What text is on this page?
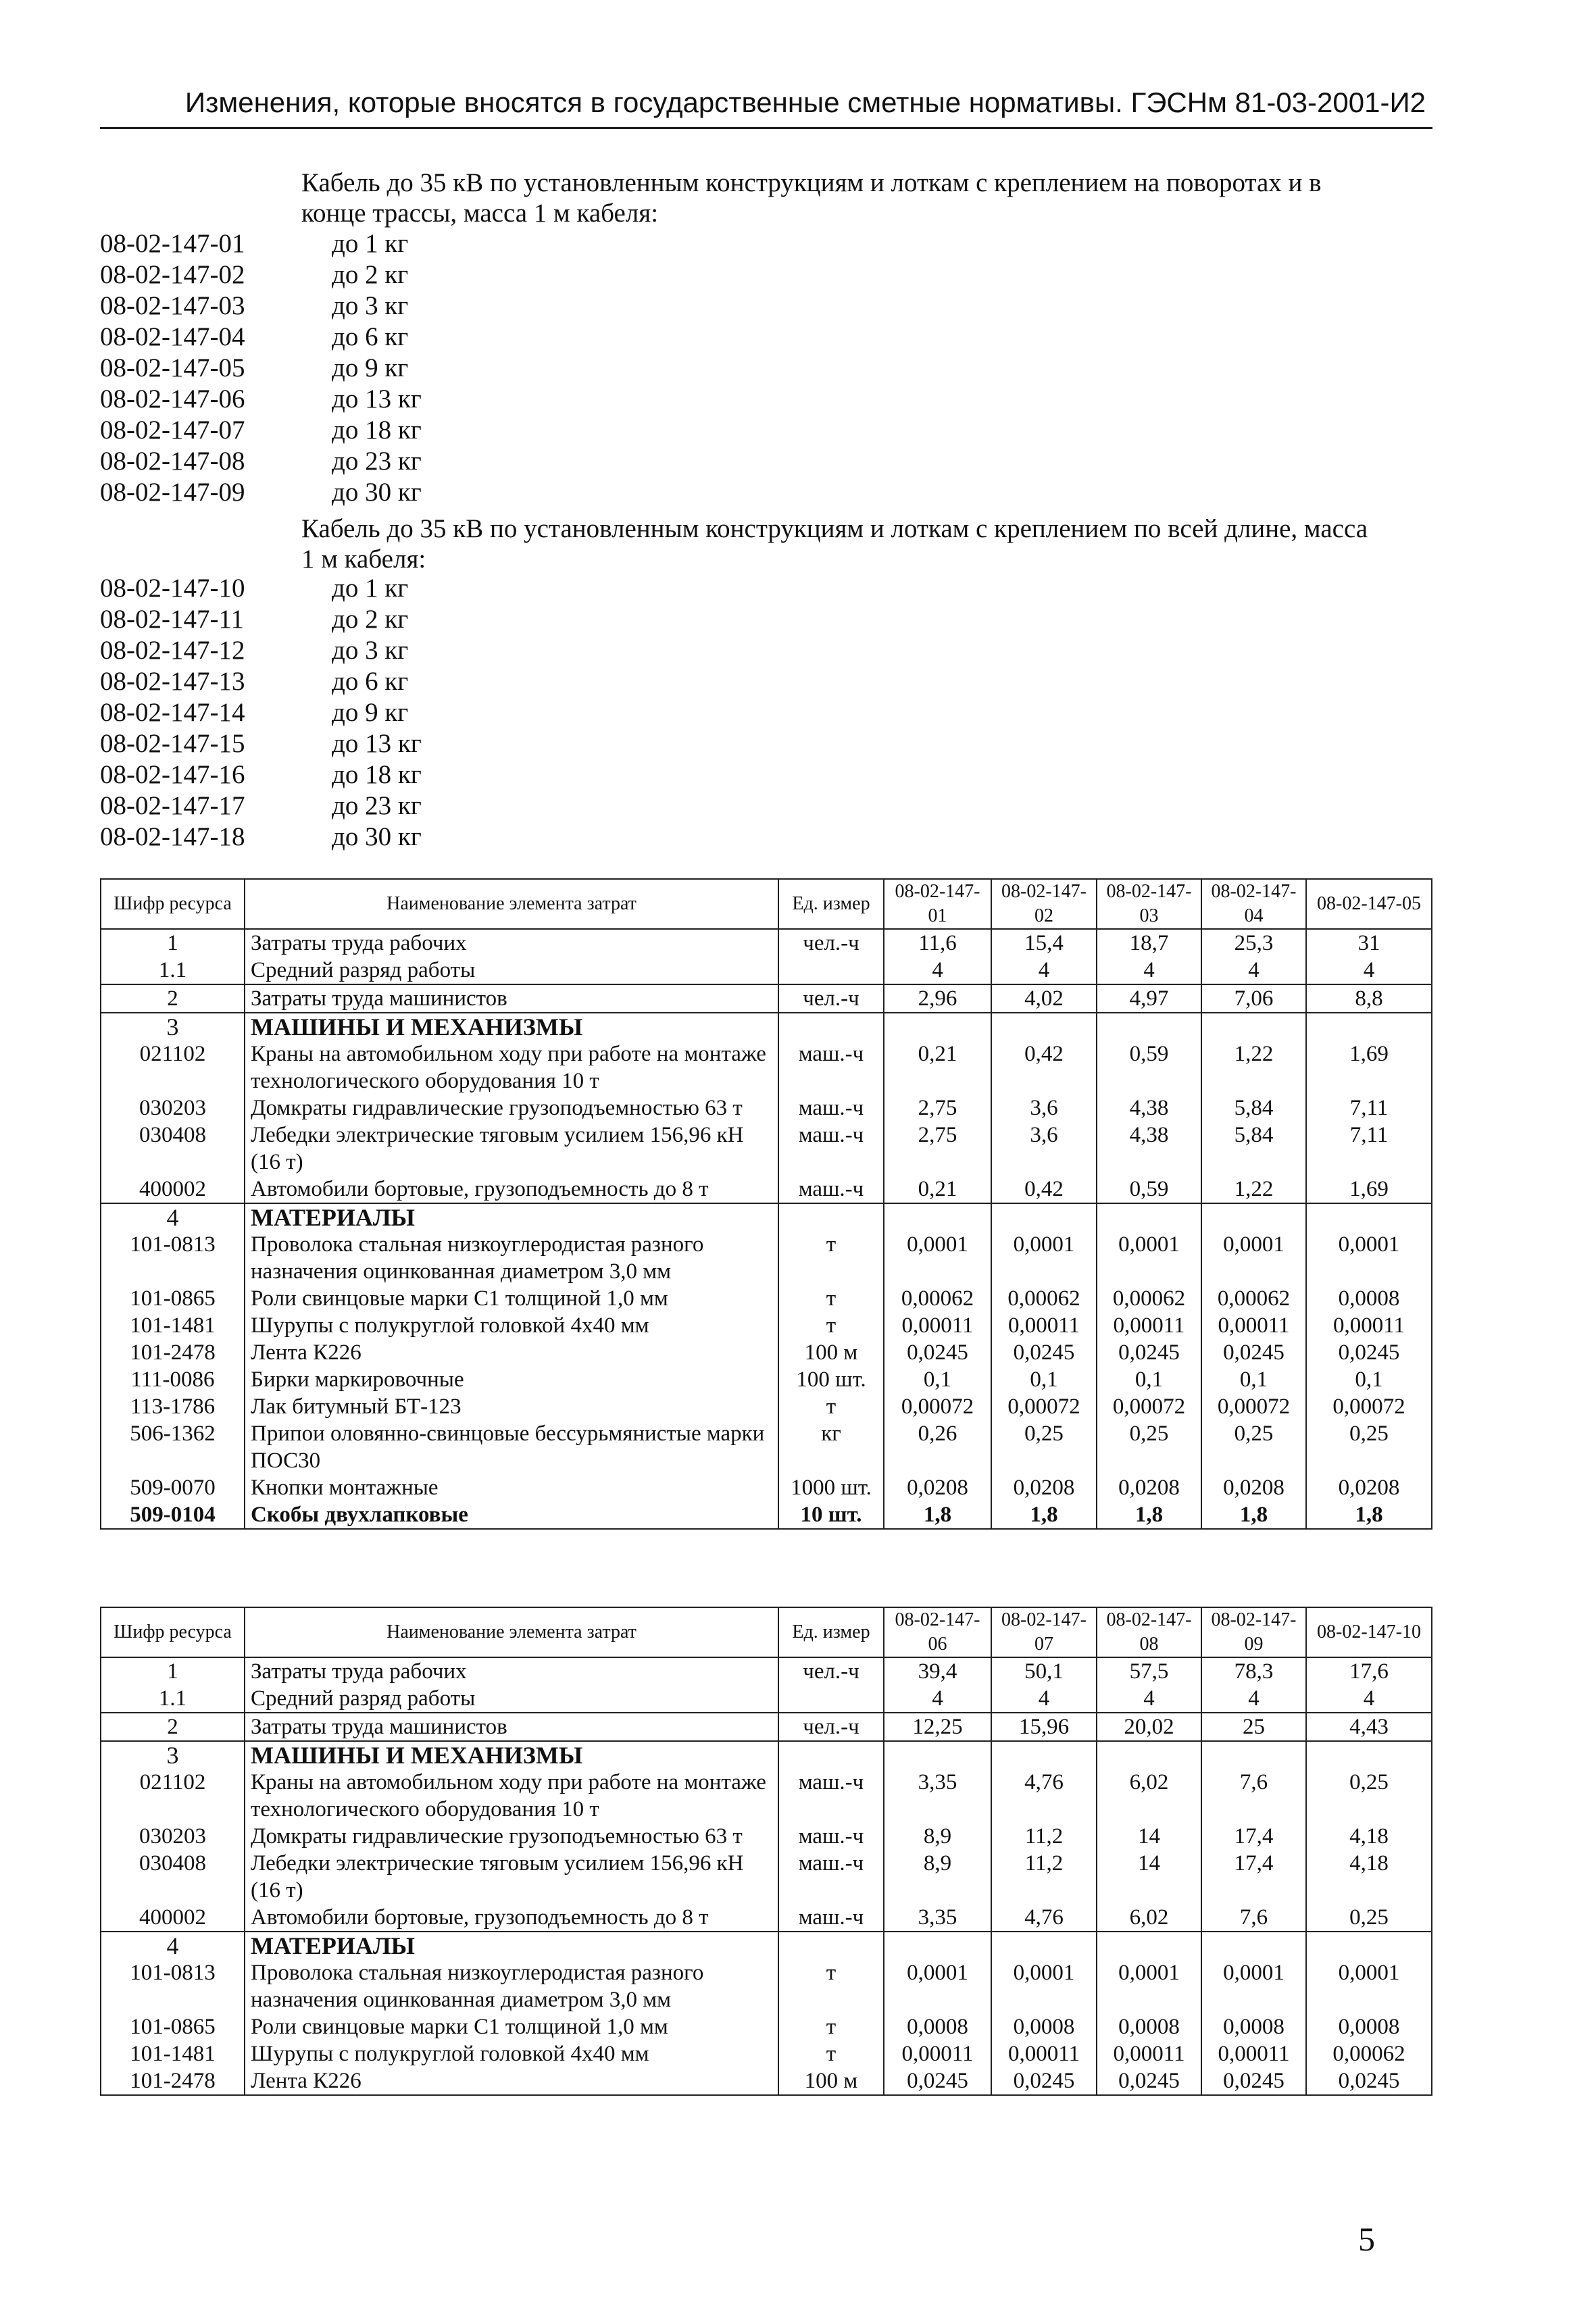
Изменения, которые вносятся в государственные сметные нормативы. ГЭСНм 81-03-2001-И2
Кабель до 35 кВ по установленным конструкциям и лоткам с креплением на поворотах и в конце трассы, масса 1 м кабеля:
08-02-147-01	до 1 кг
08-02-147-02	до 2 кг
08-02-147-03	до 3 кг
08-02-147-04	до 6 кг
08-02-147-05	до 9 кг
08-02-147-06	до 13 кг
08-02-147-07	до 18 кг
08-02-147-08	до 23 кг
08-02-147-09	до 30 кг
Кабель до 35 кВ по установленным конструкциям и лоткам с креплением по всей длине, масса 1 м кабеля:
08-02-147-10	до 1 кг
08-02-147-11	до 2 кг
08-02-147-12	до 3 кг
08-02-147-13	до 6 кг
08-02-147-14	до 9 кг
08-02-147-15	до 13 кг
08-02-147-16	до 18 кг
08-02-147-17	до 23 кг
08-02-147-18	до 30 кг
Шифр ресурса	Наименование элемента затрат	Ед. измер	08-02-147-01	08-02-147-02	08-02-147-03	08-02-147-04	08-02-147-05
1	Затраты труда рабочих	чел.-ч	11,6	15,4	18,7	25,3	31
1.1	Средний разряд работы		4	4	4	4	4
2	Затраты труда машинистов	чел.-ч	2,96	4,02	4,97	7,06	8,8
3	МАШИНЫ И МЕХАНИЗМЫ						
021102	Краны на автомобильном ходу при работе на монтаже технологического оборудования 10 т	маш.-ч	0,21	0,42	0,59	1,22	1,69
030203	Домкраты гидравлические грузоподъемностью 63 т	маш.-ч	2,75	3,6	4,38	5,84	7,11
030408	Лебедки электрические тяговым усилием 156,96 кН (16 т)	маш.-ч	2,75	3,6	4,38	5,84	7,11
400002	Автомобили бортовые, грузоподъемность до 8 т	маш.-ч	0,21	0,42	0,59	1,22	1,69
4	МАТЕРИАЛЫ						
101-0813	Проволока стальная низкоуглеродистая разного назначения оцинкованная диаметром 3,0 мм	т	0,0001	0,0001	0,0001	0,0001	0,0001
101-0865	Роли свинцовые марки С1 толщиной 1,0 мм	т	0,00062	0,00062	0,00062	0,00062	0,0008
101-1481	Шурупы с полукруглой головкой 4х40 мм	т	0,00011	0,00011	0,00011	0,00011	0,00011
101-2478	Лента К226	100 м	0,0245	0,0245	0,0245	0,0245	0,0245
111-0086	Бирки маркировочные	100 шт.	0,1	0,1	0,1	0,1	0,1
113-1786	Лак битумный БТ-123	т	0,00072	0,00072	0,00072	0,00072	0,00072
506-1362	Припои оловянно-свинцовые бессурьмянистые марки ПОС30	кг	0,26	0,25	0,25	0,25	0,25
509-0070	Кнопки монтажные	1000 шт.	0,0208	0,0208	0,0208	0,0208	0,0208
509-0104	Скобы двухлапковые	10 шт.	1,8	1,8	1,8	1,8	1,8
Шифр ресурса	Наименование элемента затрат	Ед. измер	08-02-147-06	08-02-147-07	08-02-147-08	08-02-147-09	08-02-147-10
1	Затраты труда рабочих	чел.-ч	39,4	50,1	57,5	78,3	17,6
1.1	Средний разряд работы		4	4	4	4	4
2	Затраты труда машинистов	чел.-ч	12,25	15,96	20,02	25	4,43
3	МАШИНЫ И МЕХАНИЗМЫ						
021102	Краны на автомобильном ходу при работе на монтаже технологического оборудования 10 т	маш.-ч	3,35	4,76	6,02	7,6	0,25
030203	Домкраты гидравлические грузоподъемностью 63 т	маш.-ч	8,9	11,2	14	17,4	4,18
030408	Лебедки электрические тяговым усилием 156,96 кН (16 т)	маш.-ч	8,9	11,2	14	17,4	4,18
400002	Автомобили бортовые, грузоподъемность до 8 т	маш.-ч	3,35	4,76	6,02	7,6	0,25
4	МАТЕРИАЛЫ						
101-0813	Проволока стальная низкоуглеродистая разного назначения оцинкованная диаметром 3,0 мм	т	0,0001	0,0001	0,0001	0,0001	0,0001
101-0865	Роли свинцовые марки С1 толщиной 1,0 мм	т	0,0008	0,0008	0,0008	0,0008	0,0008
101-1481	Шурупы с полукруглой головкой 4х40 мм	т	0,00011	0,00011	0,00011	0,00011	0,00062
101-2478	Лента К226	100 м	0,0245	0,0245	0,0245	0,0245	0,0245
5
